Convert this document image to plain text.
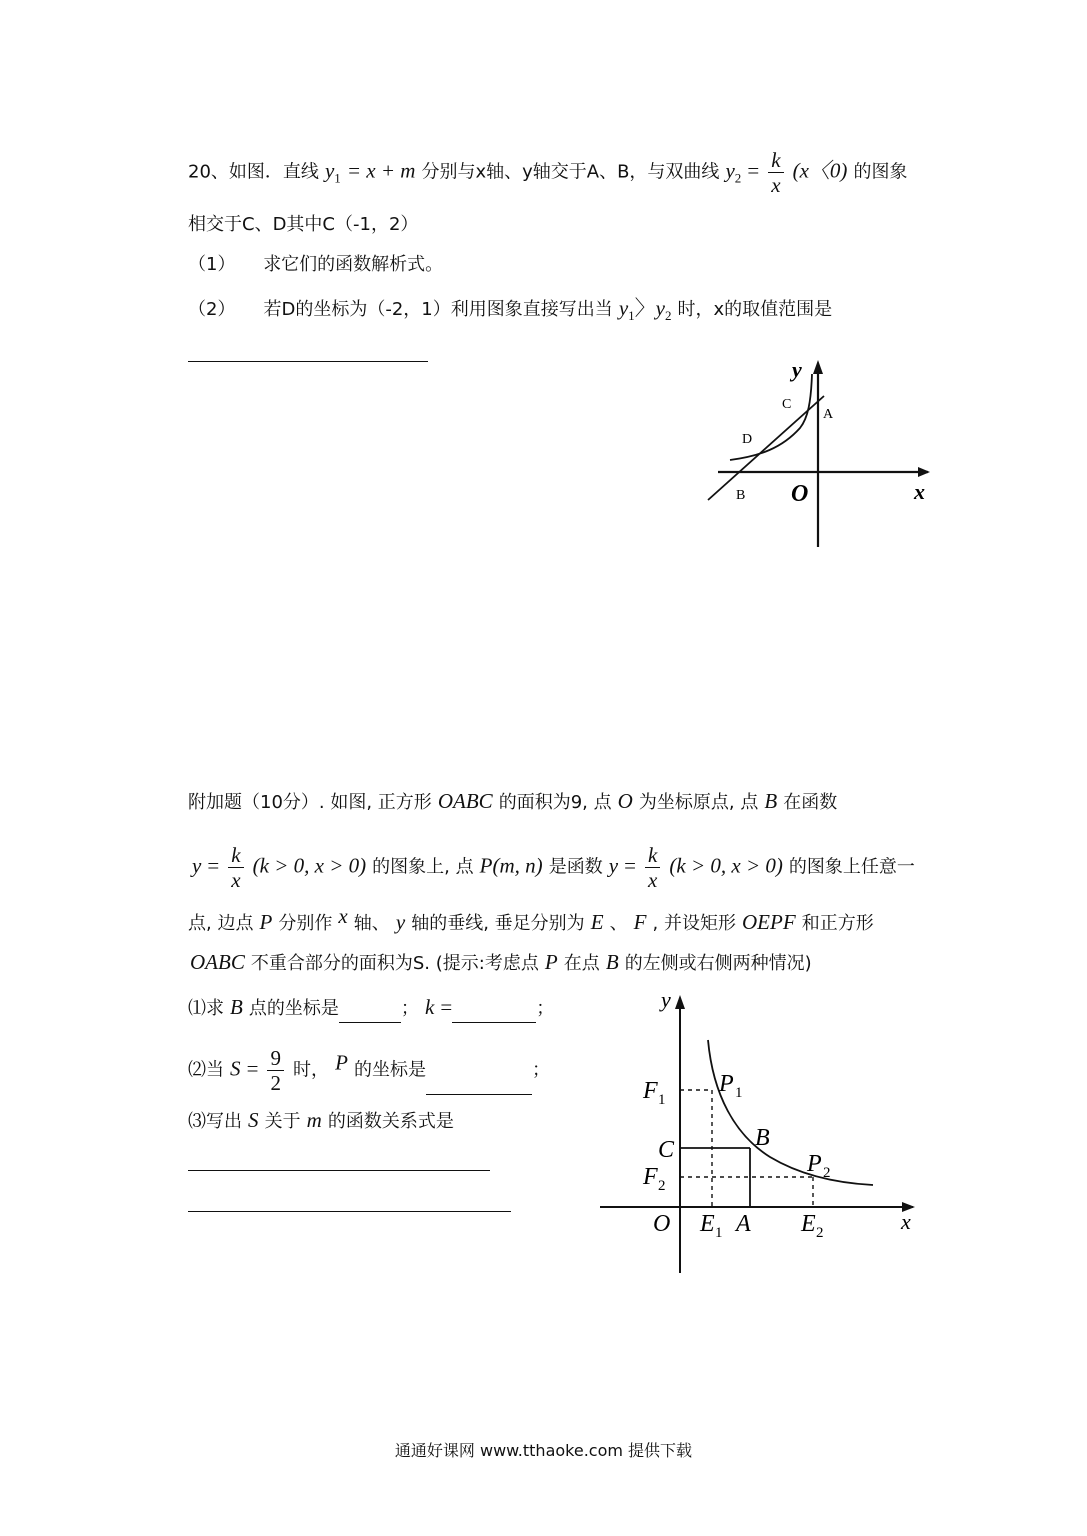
20、如图．直线 $y_1 = x + m$ 分别与x轴、y轴交于A、B，与双曲线 $y_2 = \frac{k}{x} (x$〈0) 的图象
相交于C、D其中C（-1，2）
（1） 求它们的函数解析式。
（2） 若D的坐标为（-2，1）利用图象直接写出当 $y_1$〉$y_2$ 时，x的取值范围是
y
x
O
A
B
C
D
附加题（10分）. 如图, 正方形 OABC 的面积为9, 点 O 为坐标原点, 点 B 在函数
$y = \frac{k}{x} (k > 0$, x > 0) 的图象上, 点 P(m, n) 是函数 $y = \frac{k}{x} (k > 0$, x > 0) 的图象上任意一
点, 边点 P 分别作 x 轴、 y 轴的垂线, 垂足分别为 E 、 F , 并设矩形 OEPF 和正方形
OABC 不重合部分的面积为S. (提示:考虑点 P 在点 B 的左侧或右侧两种情况)
⑴求 B 点的坐标是	； k =	；
⑵当 $S = \frac{9}{2}$ 时， P 的坐标是	；
⑶写出 S 关于 m 的函数关系式是
y
x
O
F 1
P 1
C	B
F 2
P 2
E 1 A E 2
通通好课网 www.tthaoke.com 提供下载
